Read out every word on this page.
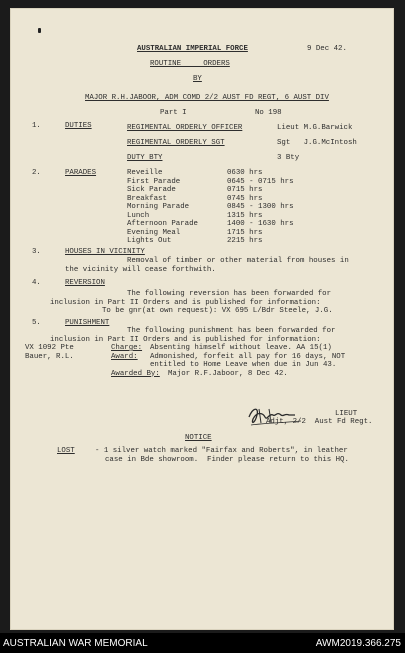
AUSTRALIAN IMPERIAL FORCE	9 Dec 42.
ROUTINE     ORDERS
BY
MAJOR R.H.JABOOR, ADM COMD 2/2 AUST FD REGT, 6 AUST DIV
Part I	No 198
1.	DUTIES	REGIMENTAL ORDERLY OFFICER	Lieut M.G.Barwick
REGIMENTAL ORDERLY SGT	Sgt   J.G.McIntosh
DUTY BTY	3 Bty
2.	PARADES	Reveille	0630 hrs
First Parade	0645 - 0715 hrs
Sick Parade	0715 hrs
Breakfast	0745 hrs
Morning Parade	0845 - 1300 hrs
Lunch	1315 hrs
Afternoon Parade	1400 - 1630 hrs
Evening Meal	1715 hrs
Lights Out	2215 hrs
3.	HOUSES IN VICINITY
Removal of timber or other material from houses in
the vicinity will cease forthwith.
4.	REVERSION
The following reversion has been forwarded for
inclusion in Part II Orders and is published for information:
To be gnr(at own request): VX 695 L/Bdr Steele, J.G.
5.	PUNISHMENT
The following punishment has been forwarded for
inclusion in Part II Orders and is published for information:
VX 1092 Pte
Bauer, R.L.
Charge: Absenting himself without leave. AA 15(1)
Award: Admonished, forfeit all pay for 16 days, NOT
entitled to Home Leave when due in Jun 43.
Awarded By: Major R.F.Jaboor, 8 Dec 42.
LIEUT
Adjt, 2/2  Aust Fd Regt.
NOTICE
LOST	- 1 silver watch marked "Fairfax and Roberts", in leather
case in Bde showroom.  Finder please return to this HQ.
AUSTRALIAN WAR MEMORIAL	AWM2019.366.275
